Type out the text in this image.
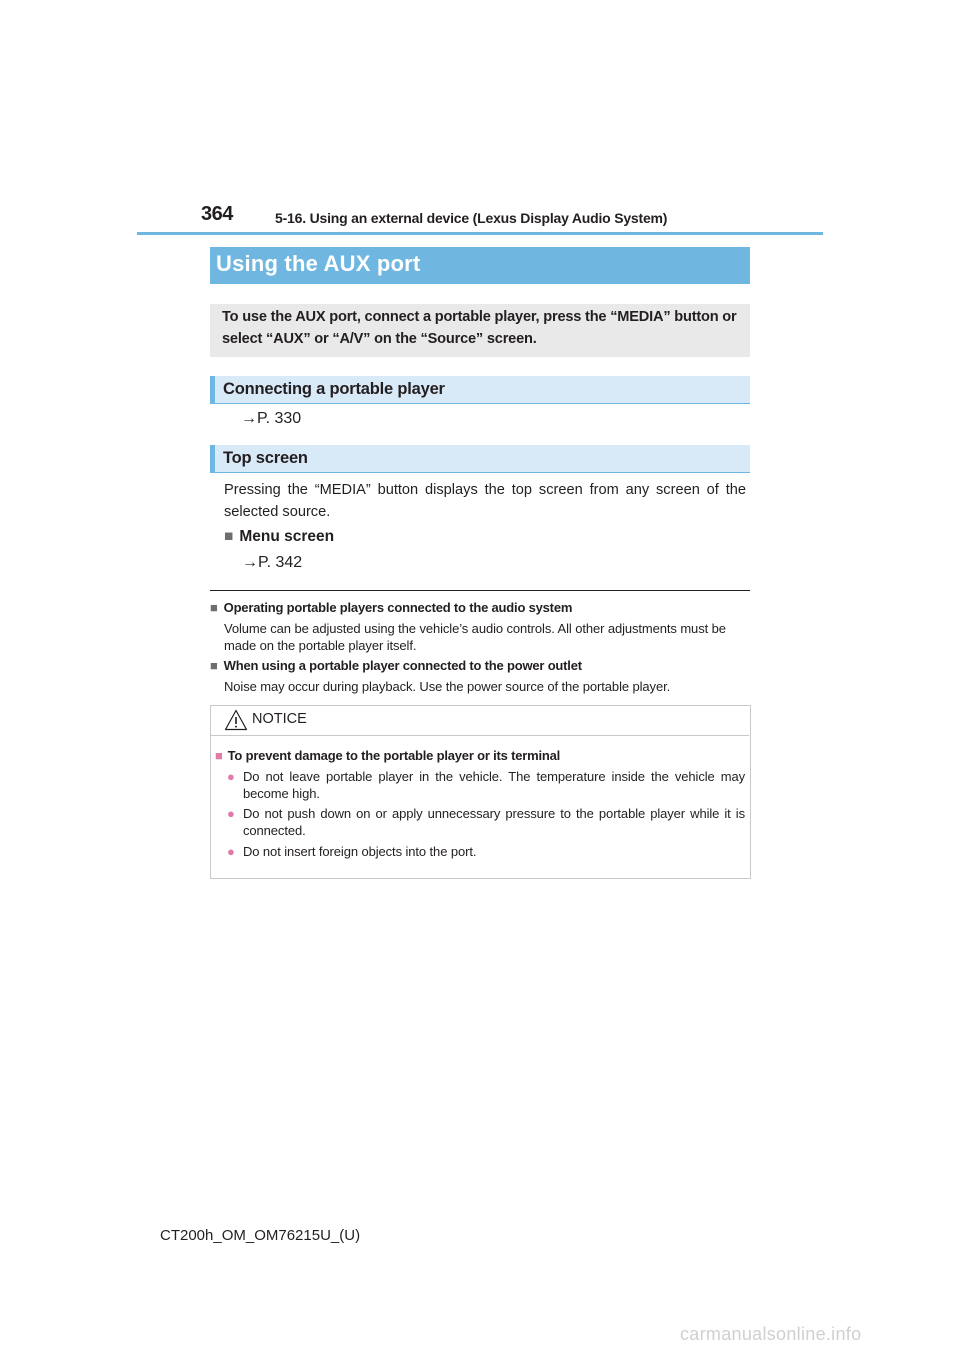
364	5-16. Using an external device (Lexus Display Audio System)
Using the AUX port
To use the AUX port, connect a portable player, press the “MEDIA” button or select “AUX” or “A/V” on the “Source” screen.
Connecting a portable player
→P. 330
Top screen
Pressing the “MEDIA” button displays the top screen from any screen of the selected source.
■ Menu screen
→P. 342
■ Operating portable players connected to the audio system
Volume can be adjusted using the vehicle’s audio controls. All other adjustments must be made on the portable player itself.
■ When using a portable player connected to the power outlet
Noise may occur during playback. Use the power source of the portable player.
NOTICE
■ To prevent damage to the portable player or its terminal
● Do not leave portable player in the vehicle. The temperature inside the vehicle may become high.
● Do not push down on or apply unnecessary pressure to the portable player while it is connected.
● Do not insert foreign objects into the port.
CT200h_OM_OM76215U_(U)
carmanualsonline.info
